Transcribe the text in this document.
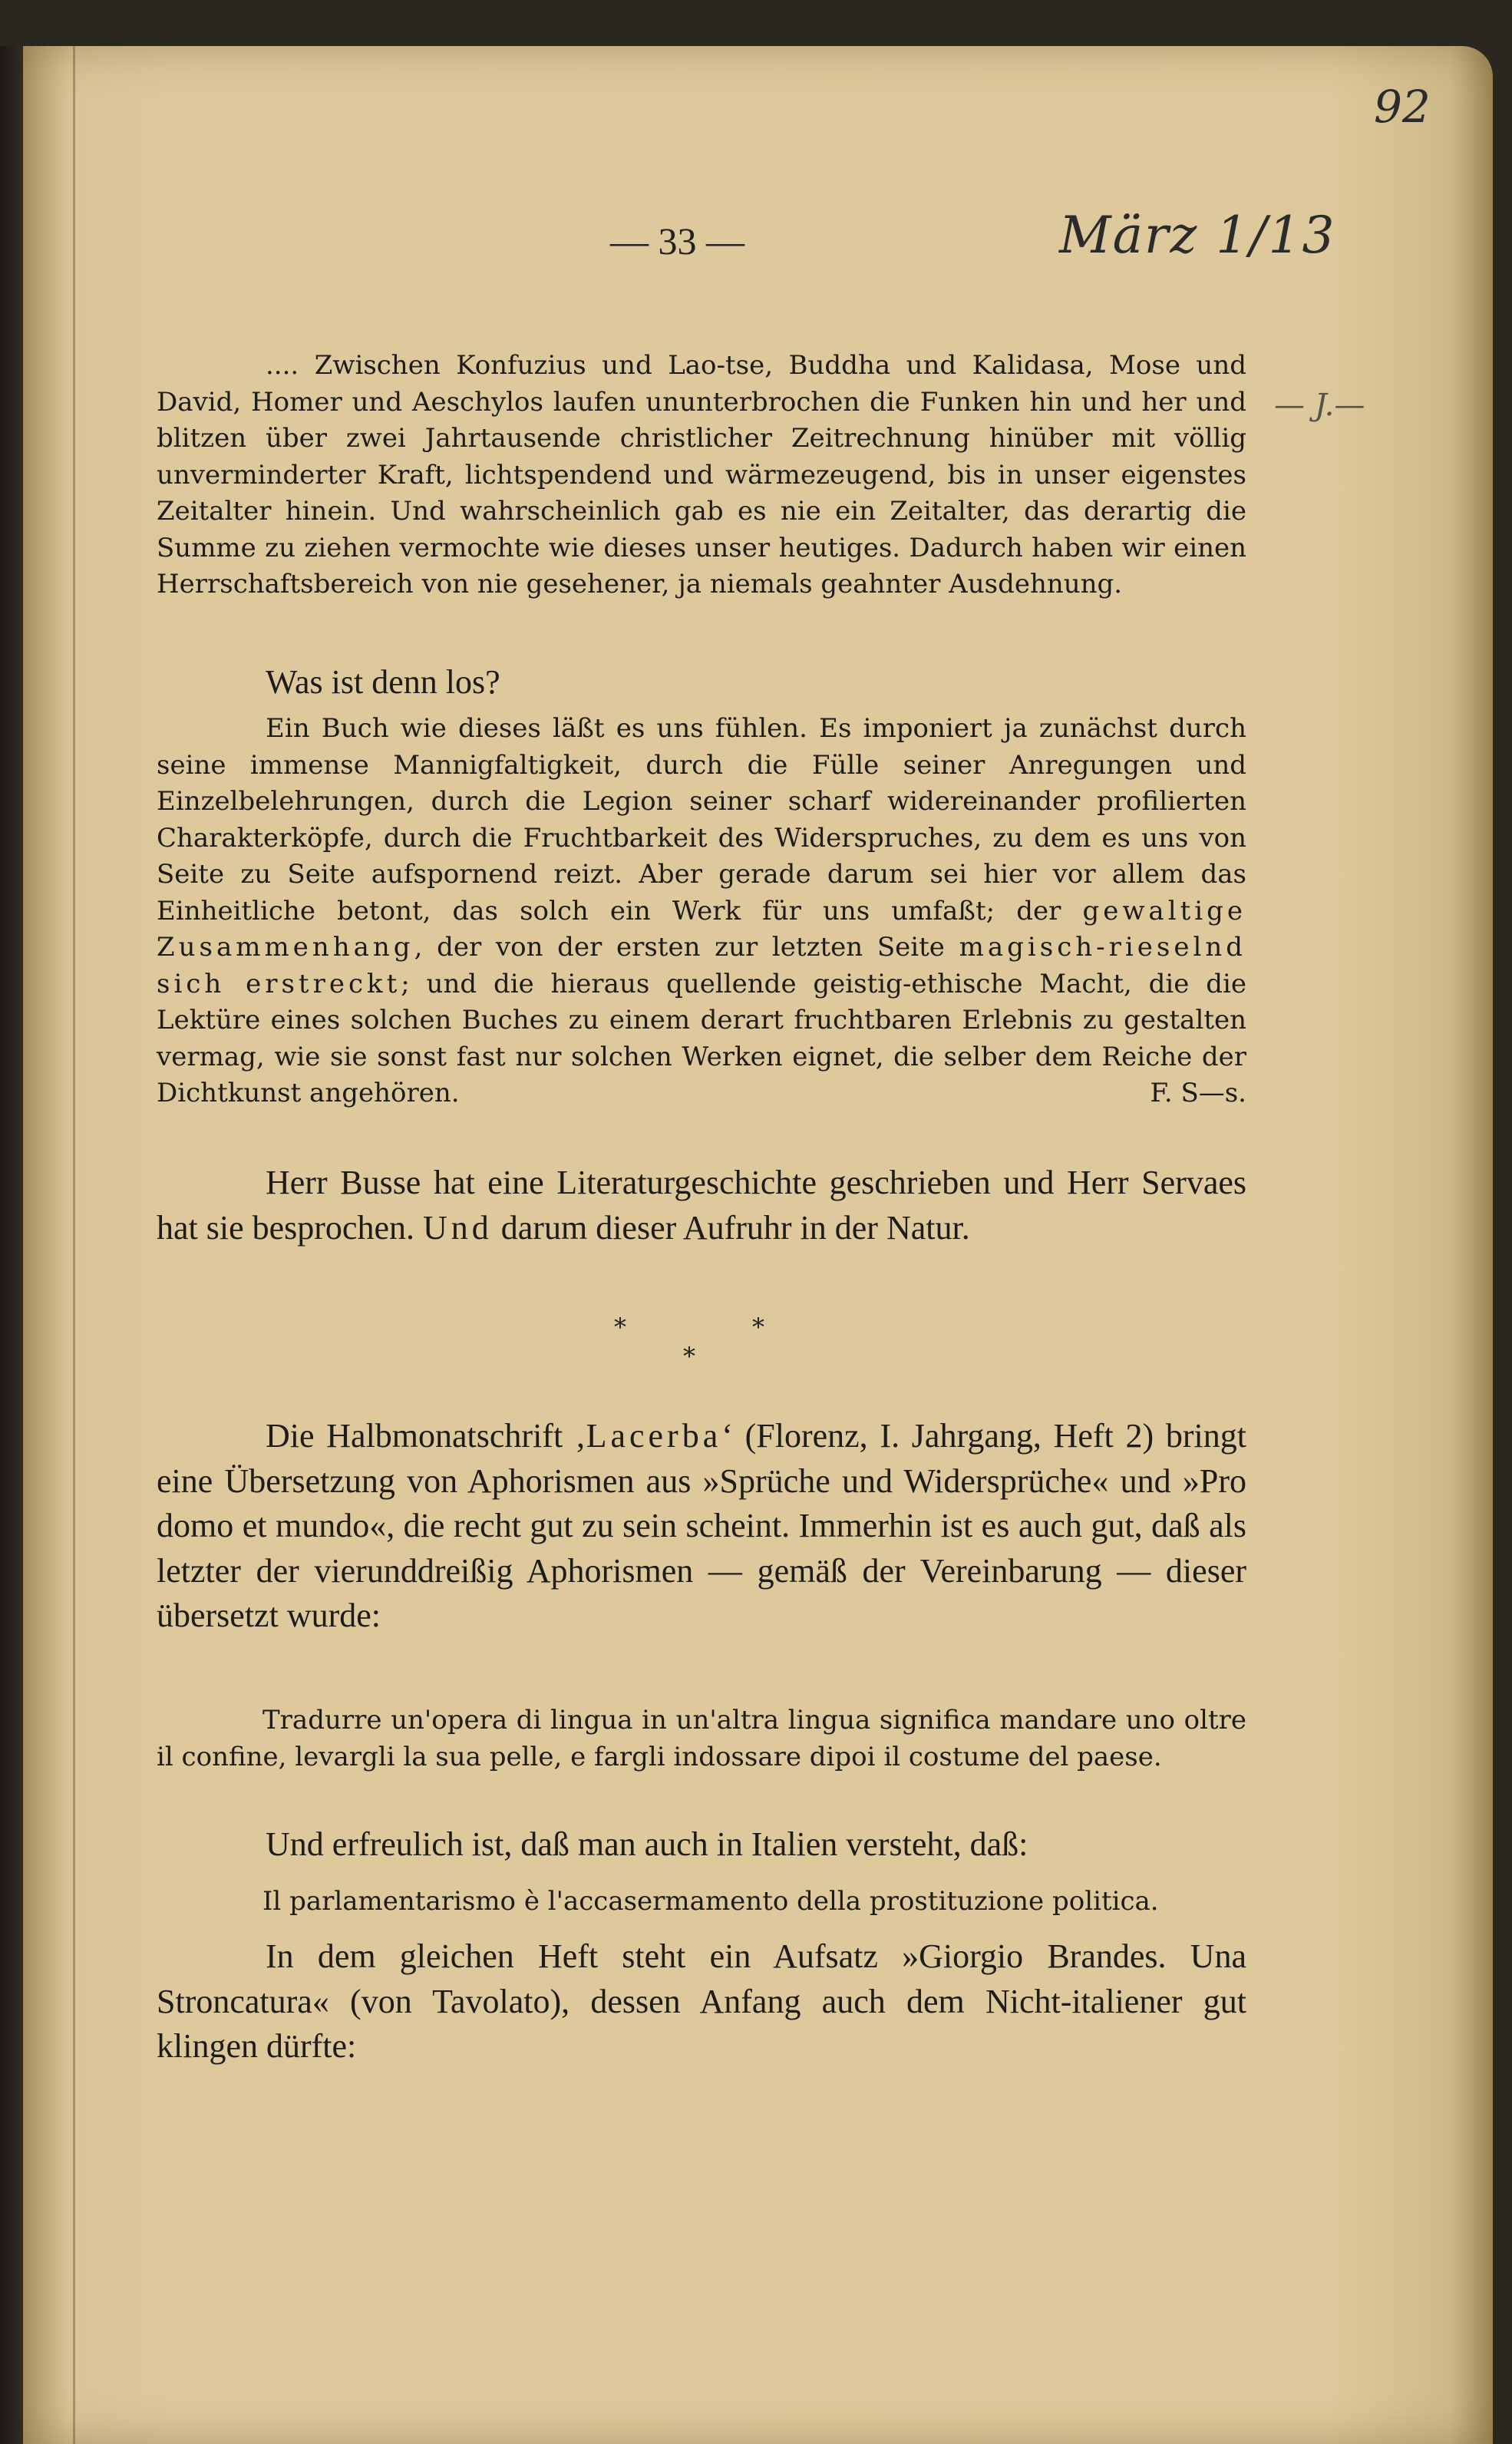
92
— 33 —	März 1/13
— J.—

.... Zwischen Konfuzius und Lao-tse, Buddha und Kalidasa, Mose und David, Homer und Aeschylos laufen ununterbrochen die Funken hin und her und blitzen über zwei Jahrtausende christlicher Zeitrechnung hinüber mit völlig unverminderter Kraft, lichtspendend und wärmezeugend, bis in unser eigenstes Zeitalter hinein. Und wahrscheinlich gab es nie ein Zeitalter, das derartig die Summe zu ziehen vermochte wie dieses unser heutiges. Dadurch haben wir einen Herrschaftsbereich von nie gesehener, ja niemals geahnter Ausdehnung.

Was ist denn los?

Ein Buch wie dieses läßt es uns fühlen. Es imponiert ja zunächst durch seine immense Mannigfaltigkeit, durch die Fülle seiner Anregungen und Einzelbelehrungen, durch die Legion seiner scharf widereinander profilierten Charakterköpfe, durch die Fruchtbarkeit des Widerspruches, zu dem es uns von Seite zu Seite aufspornend reizt. Aber gerade darum sei hier vor allem das Einheitliche betont, das solch ein Werk für uns umfaßt; der gewaltige Zusammenhang, der von der ersten zur letzten Seite magisch-rieselnd sich erstreckt; und die hieraus quellende geistig-ethische Macht, die die Lektüre eines solchen Buches zu einem derart fruchtbaren Erlebnis zu gestalten vermag, wie sie sonst fast nur solchen Werken eignet, die selber dem Reiche der Dichtkunst angehören.	F. S—s.

Herr Busse hat eine Literaturgeschichte geschrieben und Herr Servaes hat sie besprochen. Und darum dieser Aufruhr in der Natur.

*	*
*

Die Halbmonatschrift ‚Lacerba‘ (Florenz, I. Jahrgang, Heft 2) bringt eine Übersetzung von Aphorismen aus »Sprüche und Widersprüche« und »Pro domo et mundo«, die recht gut zu sein scheint. Immerhin ist es auch gut, daß als letzter der vierunddreißig Aphorismen — gemäß der Vereinbarung — dieser übersetzt wurde:

Tradurre un'opera di lingua in un'altra lingua significa mandare uno oltre il confine, levargli la sua pelle, e fargli indossare dipoi il costume del paese.

Und erfreulich ist, daß man auch in Italien versteht, daß:

Il parlamentarismo è l'accasermamento della prostituzione politica.

In dem gleichen Heft steht ein Aufsatz »Giorgio Brandes. Una Stroncatura« (von Tavolato), dessen Anfang auch dem Nicht-italiener gut klingen dürfte:
